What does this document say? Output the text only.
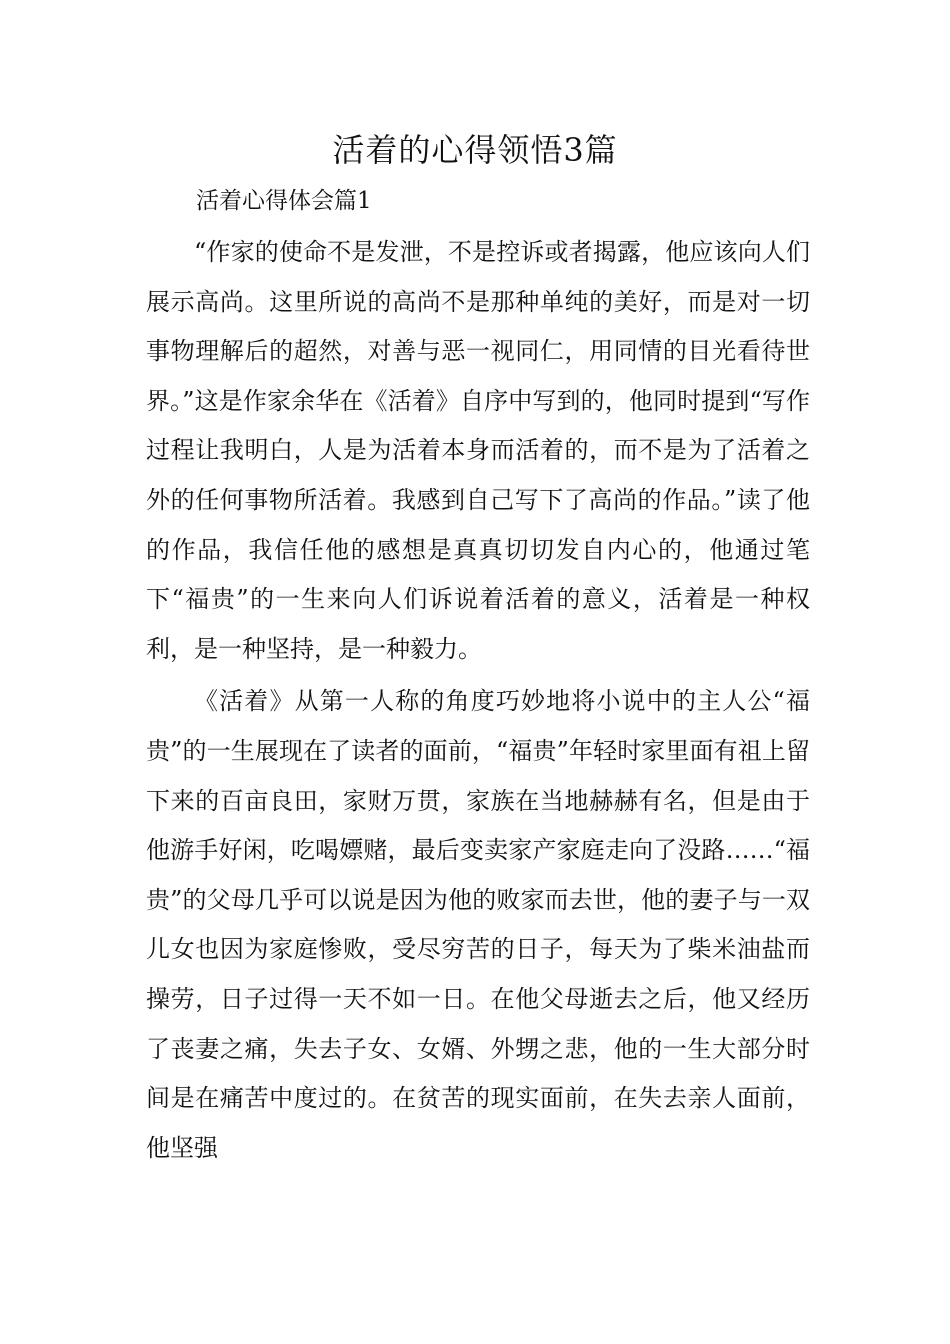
活着的心得领悟3篇

活着心得体会篇1

“作家的使命不是发泄，不是控诉或者揭露，他应该向人们展示高尚。这里所说的高尚不是那种单纯的美好，而是对一切事物理解后的超然，对善与恶一视同仁，用同情的目光看待世界。”这是作家余华在《活着》自序中写到的，他同时提到“写作过程让我明白，人是为活着本身而活着的，而不是为了活着之外的任何事物所活着。我感到自己写下了高尚的作品。”读了他的作品，我信任他的感想是真真切切发自内心的，他通过笔下“福贵”的一生来向人们诉说着活着的意义，活着是一种权利，是一种坚持，是一种毅力。

《活着》从第一人称的角度巧妙地将小说中的主人公“福贵”的一生展现在了读者的面前，“福贵”年轻时家里面有祖上留下来的百亩良田，家财万贯，家族在当地赫赫有名，但是由于他游手好闲，吃喝嫖赌，最后变卖家产家庭走向了没路……“福贵”的父母几乎可以说是因为他的败家而去世，他的妻子与一双儿女也因为家庭惨败，受尽穷苦的日子，每天为了柴米油盐而操劳，日子过得一天不如一日。在他父母逝去之后，他又经历了丧妻之痛，失去子女、女婿、外甥之悲，他的一生大部分时间是在痛苦中度过的。在贫苦的现实面前，在失去亲人面前，他坚强
